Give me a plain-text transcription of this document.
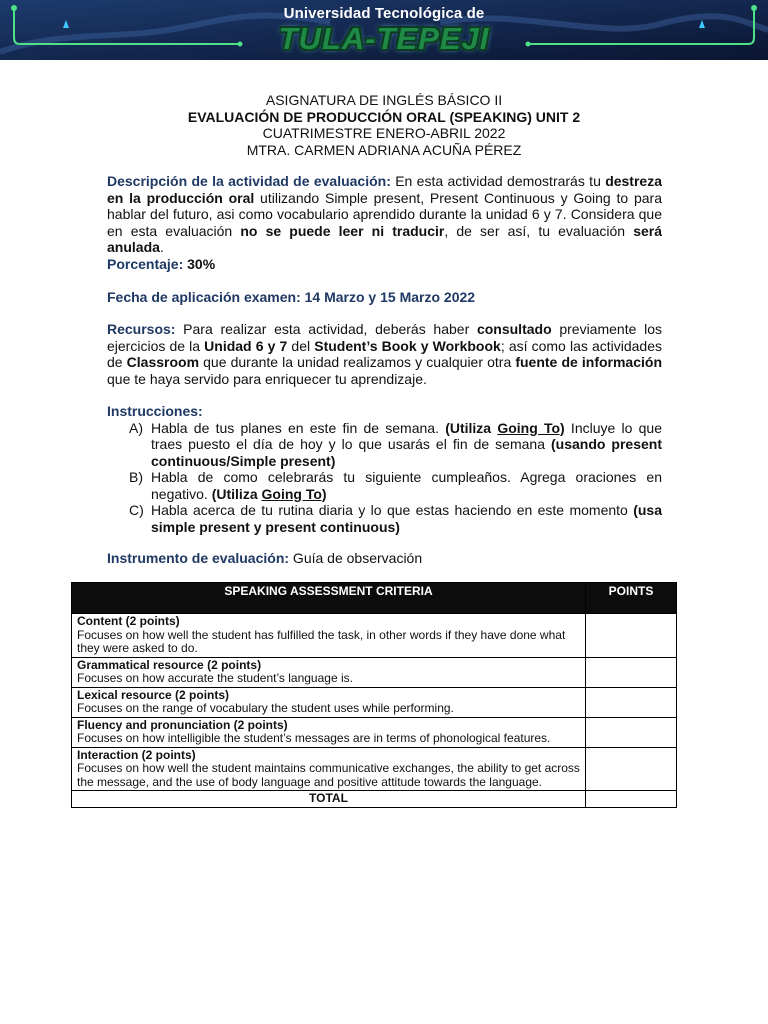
Universidad Tecnológica de
TULA-TEPEJI
ASIGNATURA DE INGLÉS BÁSICO II
EVALUACIÓN DE PRODUCCIÓN ORAL (SPEAKING) UNIT 2
CUATRIMESTRE ENERO-ABRIL 2022
MTRA. CARMEN ADRIANA ACUÑA PÉREZ
Descripción de la actividad de evaluación: En esta actividad demostrarás tu destreza en la producción oral utilizando Simple present, Present Continuous y Going to para hablar del futuro, asi como vocabulario aprendido durante la unidad 6 y 7. Considera que en esta evaluación no se puede leer ni traducir, de ser así, tu evaluación será anulada.
Porcentaje: 30%
Fecha de aplicación examen: 14 Marzo y 15 Marzo 2022
Recursos: Para realizar esta actividad, deberás haber consultado previamente los ejercicios de la Unidad 6 y 7 del Student’s Book y Workbook; así como las actividades de Classroom que durante la unidad realizamos y cualquier otra fuente de información que te haya servido para enriquecer tu aprendizaje.
Instrucciones:
A) Habla de tus planes en este fin de semana. (Utiliza Going To) Incluye lo que traes puesto el día de hoy y lo que usarás el fin de semana (usando present continuous/Simple present)
B) Habla de como celebrarás tu siguiente cumpleaños. Agrega oraciones en negativo. (Utiliza Going To)
C) Habla acerca de tu rutina diaria y lo que estas haciendo en este momento (usa simple present y present continuous)
Instrumento de evaluación: Guía de observación
SPEAKING ASSESSMENT CRITERIA	POINTS

Content (2 points)
Focuses on how well the student has fulfilled the task, in other words if they have done what they were asked to do.	

Grammatical resource (2 points)
Focuses on how accurate the student’s language is.	

Lexical resource (2 points)
Focuses on the range of vocabulary the student uses while performing.	

Fluency and pronunciation (2 points)
Focuses on how intelligible the student’s messages are in terms of phonological features.	

Interaction (2 points)
Focuses on how well the student maintains communicative exchanges, the ability to get across the message, and the use of body language and positive attitude towards the language.	

TOTAL	
